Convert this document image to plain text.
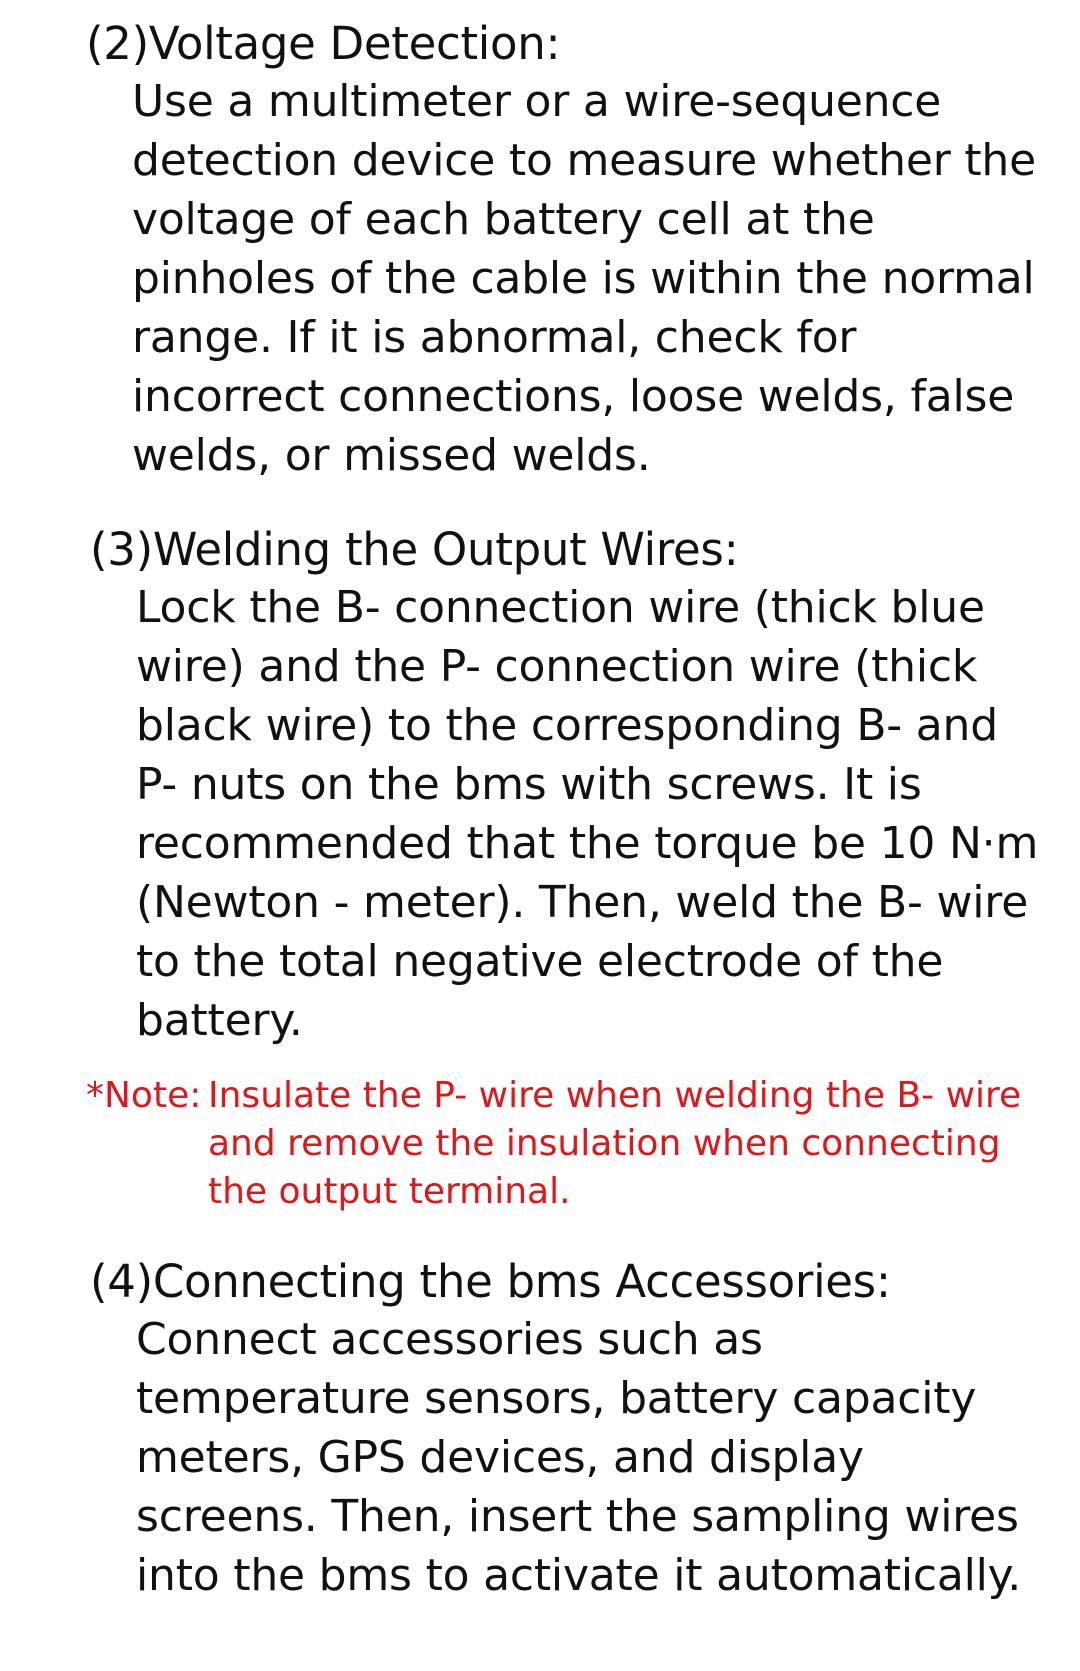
(2)Voltage Detection:
Use a multimeter or a wire-sequence
detection device to measure whether the
voltage of each battery cell at the
pinholes of the cable is within the normal
range. If it is abnormal, check for
incorrect connections, loose welds, false
welds, or missed welds.
(3)Welding the Output Wires:
Lock the B- connection wire (thick blue
wire) and the P- connection wire (thick
black wire) to the corresponding B- and
P- nuts on the bms with screws. It is
recommended that the torque be 10 N·m
(Newton - meter). Then, weld the B- wire
to the total negative electrode of the
battery.
*Note: Insulate the P- wire when welding the B- wire
and remove the insulation when connecting
the output terminal.
(4)Connecting the bms Accessories:
Connect accessories such as
temperature sensors, battery capacity
meters, GPS devices, and display
screens. Then, insert the sampling wires
into the bms to activate it automatically.
